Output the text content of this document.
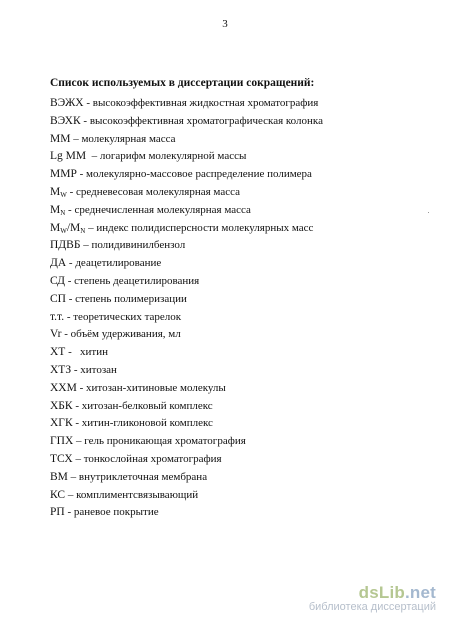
3
Список используемых в диссертации сокращений:
ВЭЖХ - высокоэффективная жидкостная хроматография
ВЭХК - высокоэффективная хроматографическая колонка
ММ – молекулярная масса
Lg ММ  – логарифм молекулярной массы
ММР - молекулярно-массовое распределение полимера
$M_W$ - средневесовая молекулярная масса
$M_N$ - среднечисленная молекулярная масса
$M_W/M_N$ – индекс полидисперсности молекулярных масс
ПДВБ – полидивинилбензол
ДА - деацетилирование
СД - степень деацетилирования
СП - степень полимеризации
т.т. - теоретических тарелок
Vr - объём удерживания, мл
ХТ -   хитин
ХТЗ - хитозан
ХХМ - хитозан-хитиновые молекулы
ХБК - хитозан-белковый комплекс
ХГК - хитин-гликоновой комплекс
ГПХ – гель проникающая хроматография
ТСХ – тонкослойная хроматография
ВМ – внутриклеточная мембрана
КС – комплиментсвязывающий
РП - раневое покрытие
dsLib.net
библиотека диссертаций
